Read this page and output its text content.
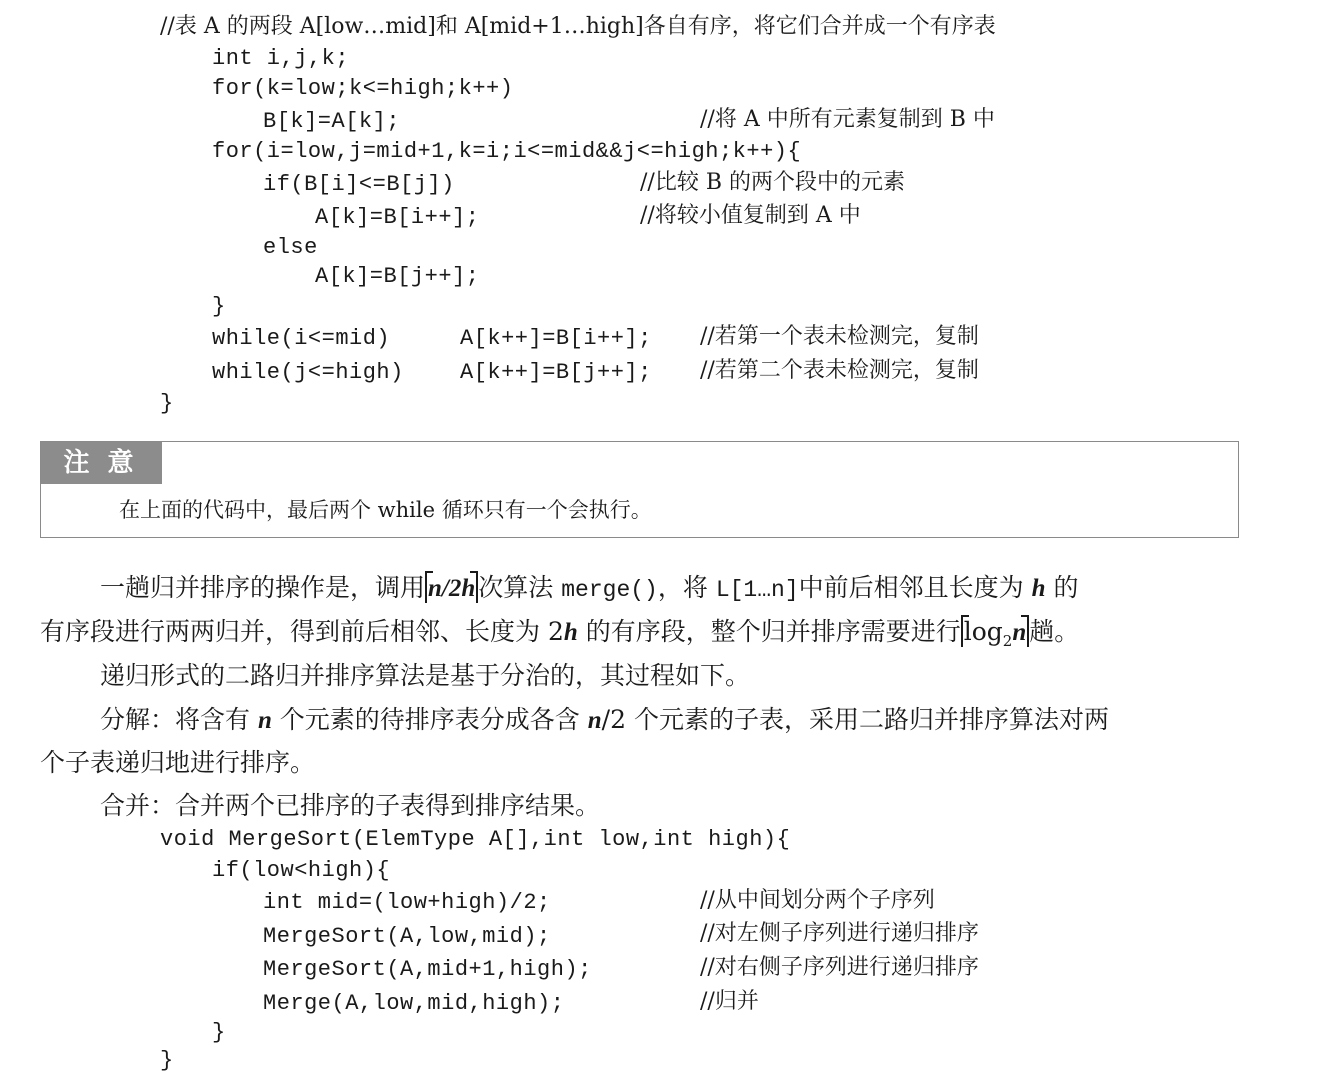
//表 A 的两段 A[low…mid]和 A[mid+1…high]各自有序，将它们合并成一个有序表
int i,j,k;
for(k=low;k<=high;k++)
B[k]=A[k];	//将 A 中所有元素复制到 B 中
for(i=low,j=mid+1,k=i;i<=mid&&j<=high;k++){
if(B[i]<=B[j])	//比较 B 的两个段中的元素
A[k]=B[i++];	//将较小值复制到 A 中
else
A[k]=B[j++];
}
while(i<=mid)	A[k++]=B[i++]; //若第一个表未检测完，复制
while(j<=high)	A[k++]=B[j++]; //若第二个表未检测完，复制
}
注意
在上面的代码中，最后两个 while 循环只有一个会执行。
一趟归并排序的操作是，调用 n/2h 次算法 merge()，将 L[1…n]中前后相邻且长度为 h 的
有序段进行两两归并，得到前后相邻、长度为 2h 的有序段，整个归并排序需要进行 $\log_2n$ 趟。
递归形式的二路归并排序算法是基于分治的，其过程如下。
分解：将含有 n 个元素的待排序表分成各含 n/2 个元素的子表，采用二路归并排序算法对两
个子表递归地进行排序。
合并：合并两个已排序的子表得到排序结果。
void MergeSort(ElemType A[],int low,int high){
if(low<high){
int mid=(low+high)/2;	//从中间划分两个子序列
MergeSort(A,low,mid);	//对左侧子序列进行递归排序
MergeSort(A,mid+1,high);	//对右侧子序列进行递归排序
Merge(A,low,mid,high);	//归并
}
}
